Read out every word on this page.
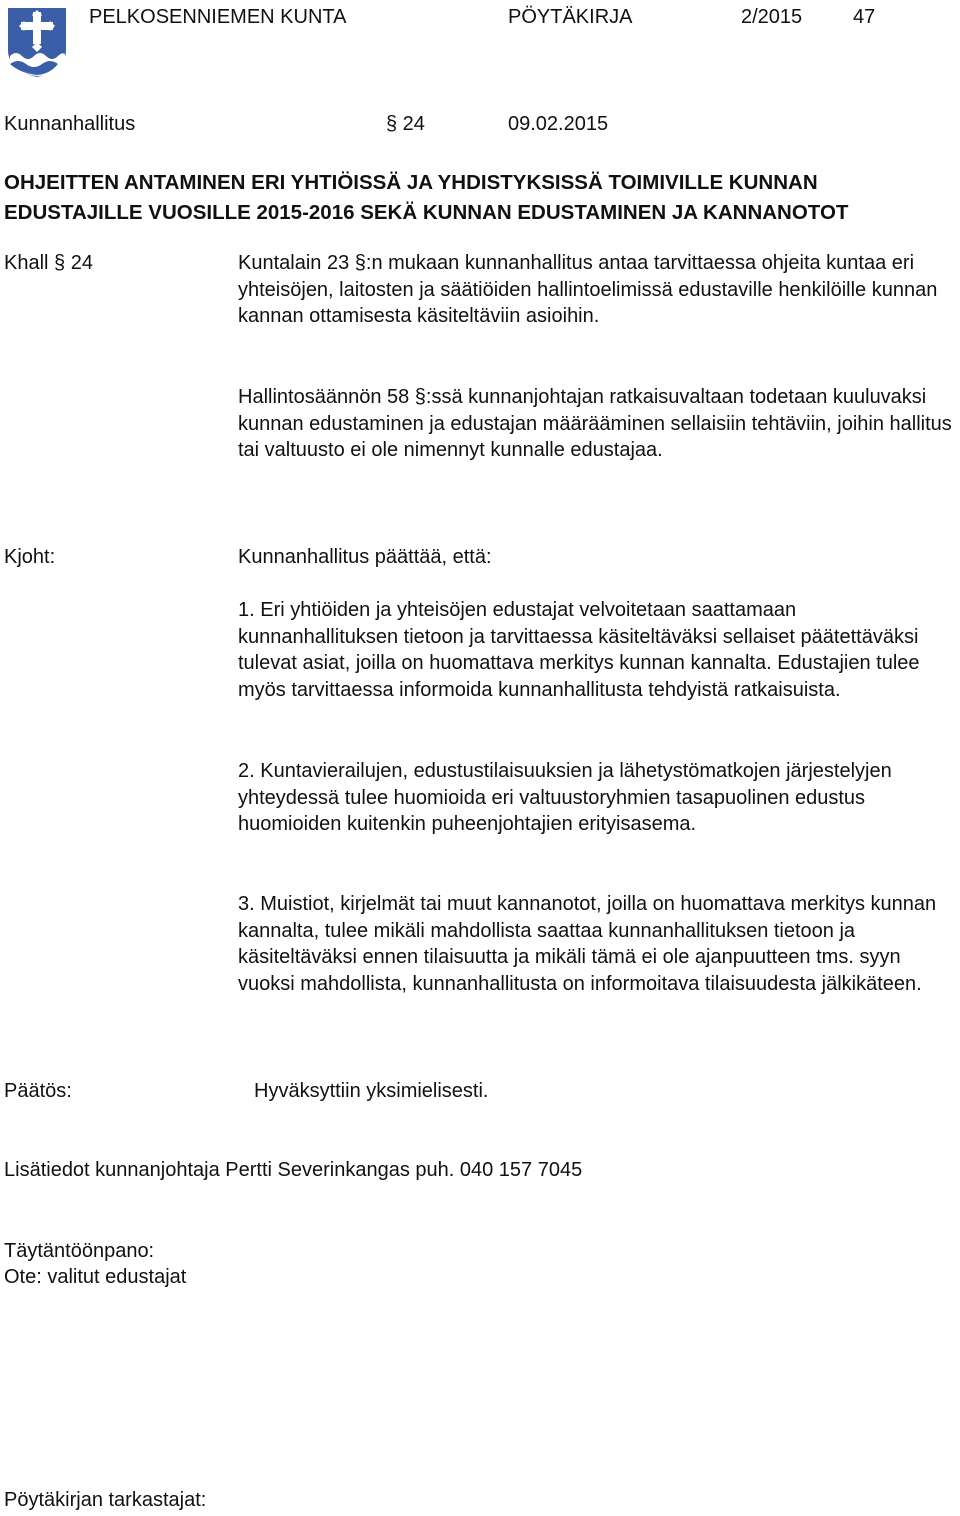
PELKOSENNIEMEN KUNTA	PÖYTÄKIRJA	2/2015	47
Kunnanhallitus	§ 24	09.02.2015
OHJEITTEN ANTAMINEN ERI YHTIÖISSÄ JA YHDISTYKSISSÄ TOIMIVILLE KUNNAN
EDUSTAJILLE VUOSILLE 2015-2016 SEKÄ KUNNAN EDUSTAMINEN JA KANNANOTOT
Khall § 24	Kuntalain 23 §:n mukaan kunnanhallitus antaa tarvittaessa ohjeita kuntaa eri yhteisöjen, laitosten ja säätiöiden hallintoelimissä edustaville henkilöille kunnan kannan ottamisesta käsiteltäviin asioihin.
Hallintosäännön 58 §:ssä kunnanjohtajan ratkaisuvaltaan todetaan kuuluvaksi kunnan edustaminen ja edustajan määrääminen sellaisiin tehtäviin, joihin hallitus tai valtuusto ei ole nimennyt kunnalle edustajaa.
Kjoht:	Kunnanhallitus päättää, että:
1. Eri yhtiöiden ja yhteisöjen edustajat velvoitetaan saattamaan kunnanhallituksen tietoon ja tarvittaessa käsiteltäväksi sellaiset päätettäväksi tulevat asiat, joilla on huomattava merkitys kunnan kannalta. Edustajien tulee myös tarvittaessa informoida kunnanhallitusta tehdyistä ratkaisuista.
2. Kuntavierailujen, edustustilaisuuksien ja lähetystömatkojen järjestelyjen yhteydessä tulee huomioida eri valtuustoryhmien tasapuolinen edustus huomioiden kuitenkin puheenjohtajien erityisasema.
3. Muistiot, kirjelmät tai muut kannanotot, joilla on huomattava merkitys kunnan kannalta, tulee mikäli mahdollista saattaa kunnanhallituksen tietoon ja käsiteltäväksi ennen tilaisuutta ja mikäli tämä ei ole ajanpuutteen tms. syyn vuoksi mahdollista, kunnanhallitusta on informoitava tilaisuudesta jälkikäteen.
Päätös:	Hyväksyttiin yksimielisesti.
Lisätiedot kunnanjohtaja Pertti Severinkangas puh. 040 157 7045
Täytäntöönpano:
Ote: valitut edustajat
Pöytäkirjan tarkastajat:
